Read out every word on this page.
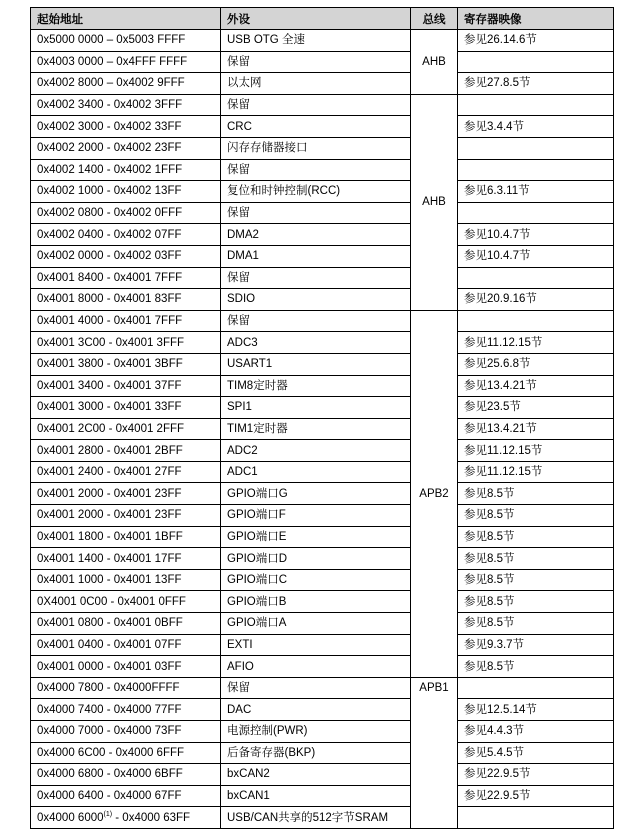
起始地址	外设	总线	寄存器映像
0x5000 0000 – 0x5003 FFFF	USB OTG 全速	AHB	参见26.14.6节
0x4003 0000 – 0x4FFF FFFF	保留		
0x4002 8000 – 0x4002 9FFF	以太网		参见27.8.5节
0x4002 3400 - 0x4002 3FFF	保留	AHB	
0x4002 3000 - 0x4002 33FF	CRC		参见3.4.4节
0x4002 2000 - 0x4002 23FF	闪存存储器接口		
0x4002 1400 - 0x4002 1FFF	保留		
0x4002 1000 - 0x4002 13FF	复位和时钟控制(RCC)		参见6.3.11节
0x4002 0800 - 0x4002 0FFF	保留		
0x4002 0400 - 0x4002 07FF	DMA2		参见10.4.7节
0x4002 0000 - 0x4002 03FF	DMA1		参见10.4.7节
0x4001 8400 - 0x4001 7FFF	保留		
0x4001 8000 - 0x4001 83FF	SDIO		参见20.9.16节
0x4001 4000 - 0x4001 7FFF	保留	APB2	
0x4001 3C00 - 0x4001 3FFF	ADC3		参见11.12.15节
0x4001 3800 - 0x4001 3BFF	USART1		参见25.6.8节
0x4001 3400 - 0x4001 37FF	TIM8定时器		参见13.4.21节
0x4001 3000 - 0x4001 33FF	SPI1		参见23.5节
0x4001 2C00 - 0x4001 2FFF	TIM1定时器		参见13.4.21节
0x4001 2800 - 0x4001 2BFF	ADC2		参见11.12.15节
0x4001 2400 - 0x4001 27FF	ADC1		参见11.12.15节
0x4001 2000 - 0x4001 23FF	GPIO端口G		参见8.5节
0x4001 2000 - 0x4001 23FF	GPIO端口F		参见8.5节
0x4001 1800 - 0x4001 1BFF	GPIO端口E		参见8.5节
0x4001 1400 - 0x4001 17FF	GPIO端口D		参见8.5节
0x4001 1000 - 0x4001 13FF	GPIO端口C		参见8.5节
0X4001 0C00 - 0x4001 0FFF	GPIO端口B		参见8.5节
0x4001 0800 - 0x4001 0BFF	GPIO端口A		参见8.5节
0x4001 0400 - 0x4001 07FF	EXTI		参见9.3.7节
0x4001 0000 - 0x4001 03FF	AFIO		参见8.5节
0x4000 7800 - 0x4000FFFF	保留	APB1	
0x4000 7400 - 0x4000 77FF	DAC		参见12.5.14节
0x4000 7000 - 0x4000 73FF	电源控制(PWR)		参见4.4.3节
0x4000 6C00 - 0x4000 6FFF	后备寄存器(BKP)		参见5.4.5节
0x4000 6800 - 0x4000 6BFF	bxCAN2		参见22.9.5节
0x4000 6400 - 0x4000 67FF	bxCAN1		参见22.9.5节
0x4000 6000$^{(1)}$ - 0x4000 63FF	USB/CAN共享的512字节SRAM		
